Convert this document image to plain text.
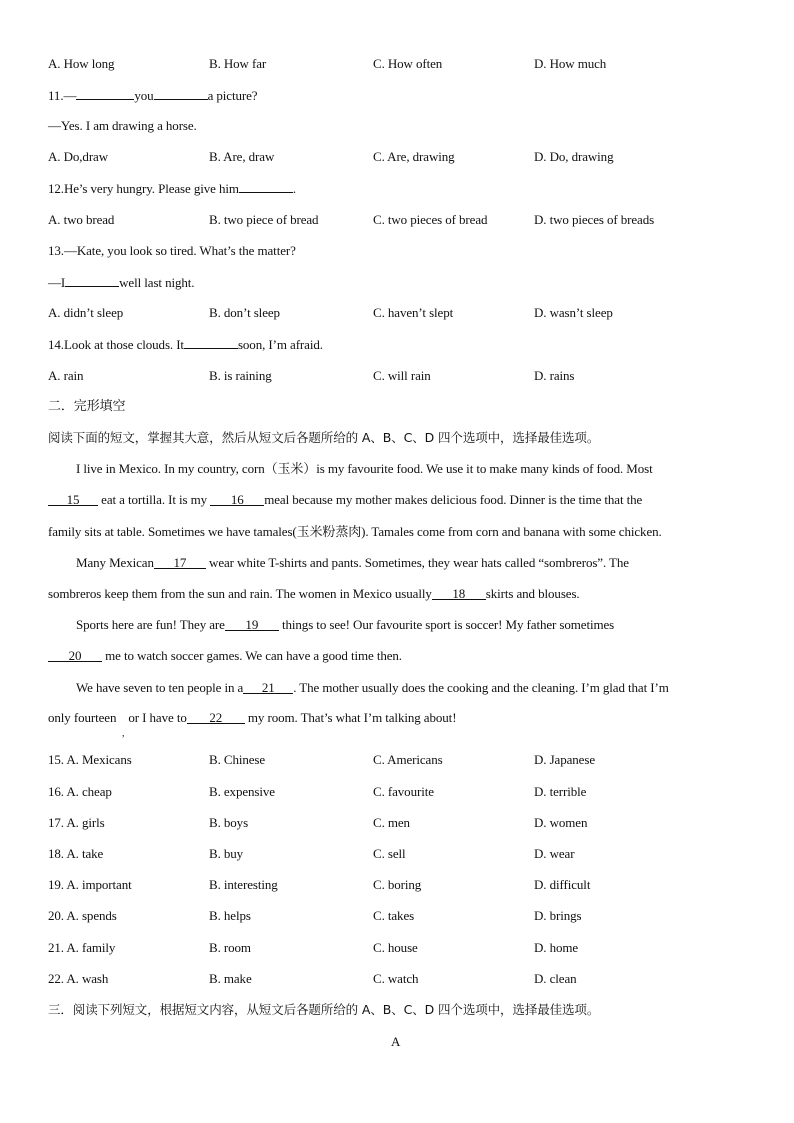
A. How long	B. How far	C. How often	D. How much
11.—	you	a picture?
—Yes. I am drawing a horse.
A. Do,draw	B. Are, draw	C. Are, drawing	D. Do, drawing
12.He’s very hungry. Please give him	.
A. two bread	B. two piece of bread	C. two pieces of bread	D. two pieces of breads
13.—Kate, you look so tired. What’s the matter?
—I	well last night.
A. didn’t sleep	B. don’t sleep	C. haven’t slept	D. wasn’t sleep
14.Look at those clouds. It	soon, I’m afraid.
A. rain	B. is raining	C. will rain	D. rains
二．完形填空
阅读下面的短文，掌握其大意，然后从短文后各题所给的 A、B、C、D 四个选项中，选择最佳选项。
I live in Mexico. In my country, corn（玉米）is my favourite food. We use it to make many kinds of food. Most
15 eat a tortilla. It is my 16 meal because my mother makes delicious food. Dinner is the time that the
family sits at table. Sometimes we have tamales(玉米粉蒸肉). Tamales come from corn and banana with some chicken.
Many Mexican 17 wear white T-shirts and pants. Sometimes, they wear hats called “sombreros”. The
sombreros keep them from the sun and rain. The women in Mexico usually 18 skirts and blouses.
Sports here are fun! They are 19 things to see! Our favourite sport is soccer! My father sometimes
20 me to watch soccer games. We can have a good time then.
We have seven to ten people in a 21 . The mother usually does the cooking and the cleaning. I’m glad that I’m
only fourteen or I have to 22 my room. That’s what I’m talking about!
,
15. A. Mexicans	B. Chinese	C. Americans	D. Japanese
16. A. cheap	B. expensive	C. favourite	D. terrible
17. A. girls	B. boys	C. men	D. women
18. A. take	B. buy	C. sell	D. wear
19. A. important	B. interesting	C. boring	D. difficult
20. A. spends	B. helps	C. takes	D. brings
21. A. family	B. room	C. house	D. home
22. A. wash	B. make	C. watch	D. clean
三．阅读下列短文，根据短文内容，从短文后各题所给的 A、B、C、D 四个选项中，选择最佳选项。
A
